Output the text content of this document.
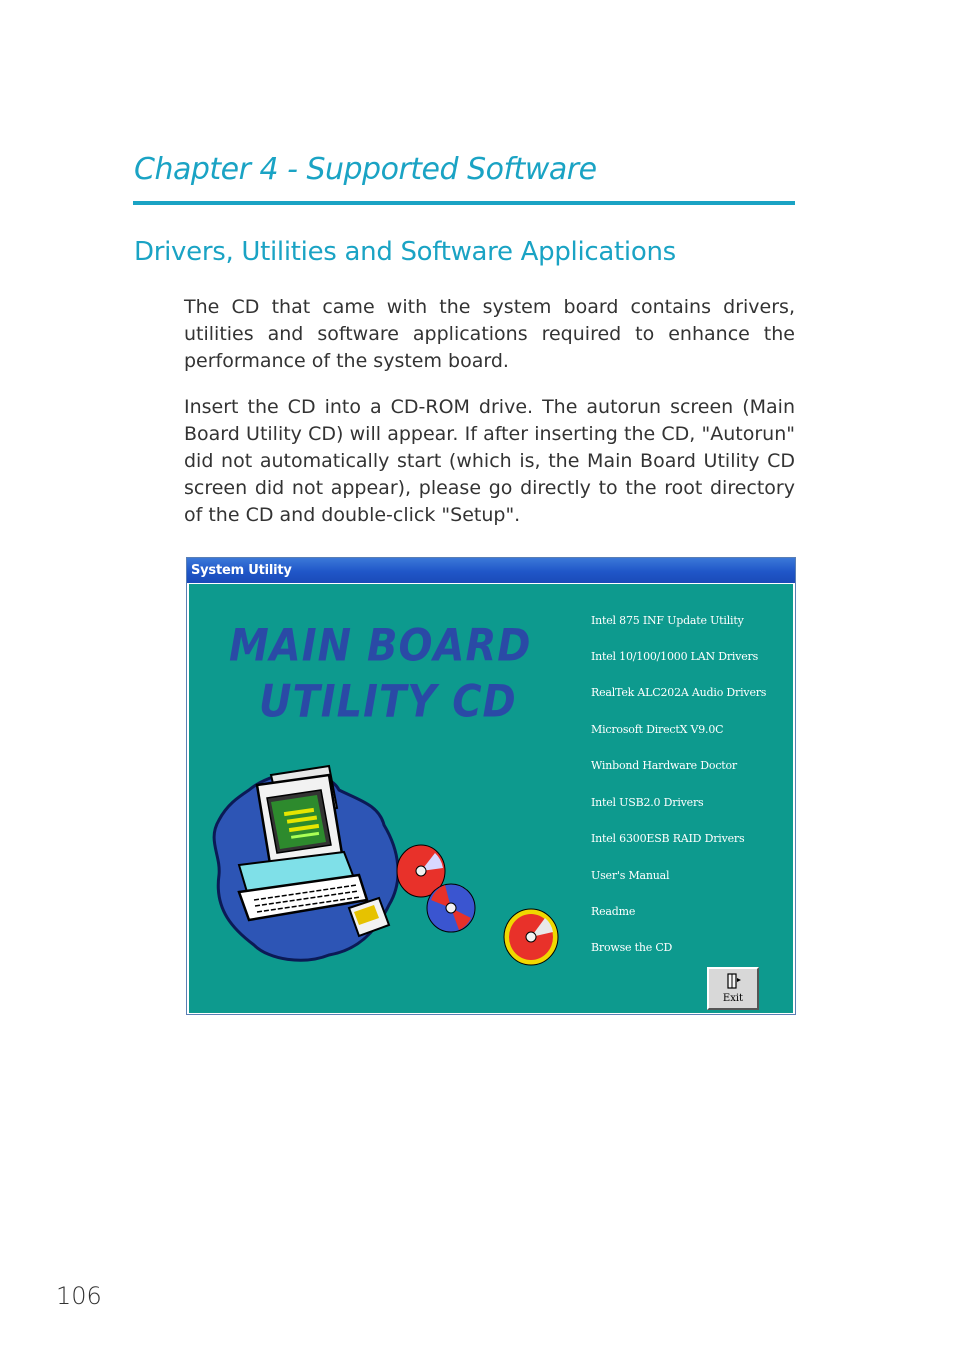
Chapter 4 - Supported Software
Drivers, Utilities and Software Applications

The CD that came with the system board contains drivers, utilities and software applications required to enhance the performance of the system board.

Insert the CD into a CD-ROM drive. The autorun screen (Main Board Utility CD) will appear. If after inserting the CD, "Autorun" did not automatically start (which is, the Main Board Utility CD screen did not appear), please go directly to the root directory of the CD and double-click "Setup".

System Utility
MAIN BOARD
UTILITY CD
Intel 875 INF Update Utility
Intel 10/100/1000 LAN Drivers
RealTek ALC202A Audio Drivers
Microsoft DirectX V9.0C
Winbond Hardware Doctor
Intel USB2.0 Drivers
Intel 6300ESB RAID Drivers
User's Manual
Readme
Browse the CD
Exit
106
